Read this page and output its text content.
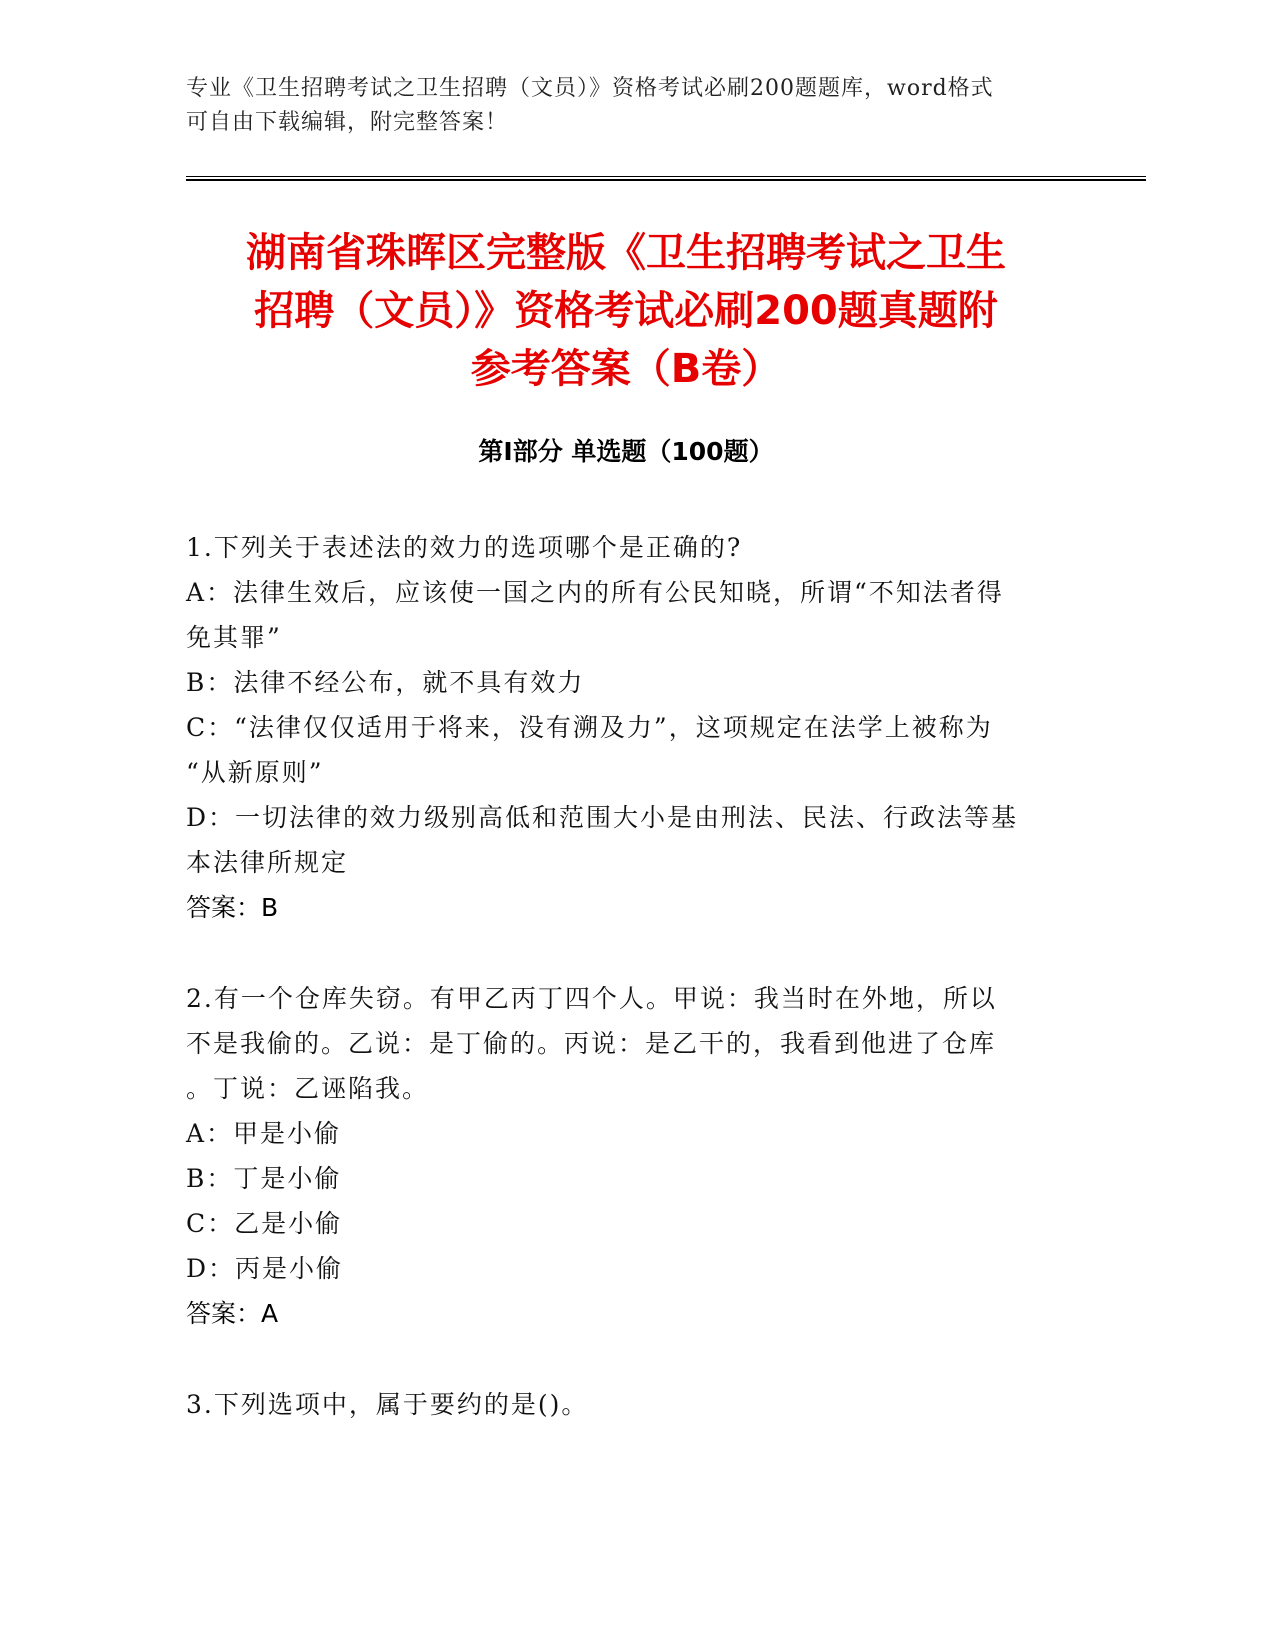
专业《卫生招聘考试之卫生招聘（文员）》资格考试必刷200题题库，word格式
可自由下载编辑，附完整答案！
湖南省珠晖区完整版《卫生招聘考试之卫生
招聘（文员）》资格考试必刷200题真题附
参考答案（B卷）
第Ⅰ部分 单选题（100题）
1.下列关于表述法的效力的选项哪个是正确的?
A：法律生效后，应该使一国之内的所有公民知晓，所谓“不知法者得
免其罪”
B：法律不经公布，就不具有效力
C：“法律仅仅适用于将来，没有溯及力”，这项规定在法学上被称为
“从新原则”
D：一切法律的效力级别高低和范围大小是由刑法、民法、行政法等基
本法律所规定
答案：B
2.有一个仓库失窃。有甲乙丙丁四个人。甲说：我当时在外地，所以
不是我偷的。乙说：是丁偷的。丙说：是乙干的，我看到他进了仓库
。丁说：乙诬陷我。
A：甲是小偷
B：丁是小偷
C：乙是小偷
D：丙是小偷
答案：A
3.下列选项中，属于要约的是()。
